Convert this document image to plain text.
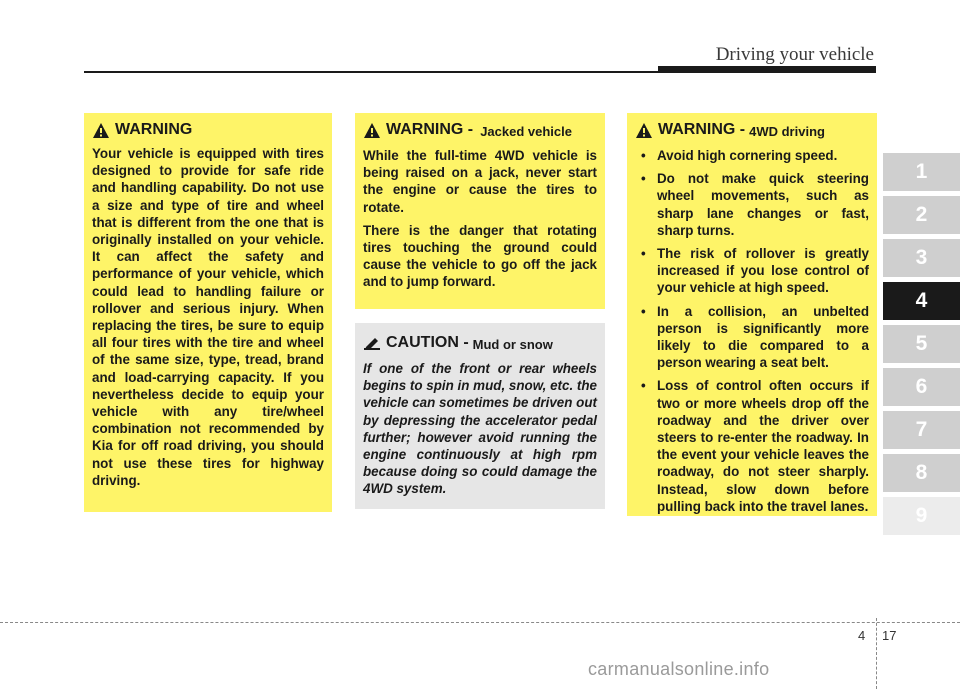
Driving your vehicle
WARNING
Your vehicle is equipped with tires designed to provide for safe ride and handling capability. Do not use a size and type of tire and wheel that is different from the one that is originally installed on your vehicle. It can affect the safety and performance of your vehicle, which could lead to handling failure or rollover and serious injury. When replacing the tires, be sure to equip all four tires with the tire and wheel of the same size, type, tread, brand and load-carrying capacity. If you nevertheless decide to equip your vehicle with any tire/wheel combination not recommended by Kia for off road driving, you should not use these tires for highway driving.
WARNING - Jacked vehicle

While the full-time 4WD vehicle is being raised on a jack, never start the engine or cause the tires to rotate.

There is the danger that rotating tires touching the ground could cause the vehicle to go off the jack and to jump forward.

CAUTION - Mud or snow
If one of the front or rear wheels begins to spin in mud, snow, etc. the vehicle can sometimes be driven out by depressing the accelerator pedal further; however avoid running the engine continuously at high rpm because doing so could damage the 4WD system.
WARNING - 4WD driving
• Avoid high cornering speed.
• Do not make quick steering wheel movements, such as sharp lane changes or fast, sharp turns.
• The risk of rollover is greatly increased if you lose control of your vehicle at high speed.
• In a collision, an unbelted person is significantly more likely to die compared to a person wearing a seat belt.
• Loss of control often occurs if two or more wheels drop off the roadway and the driver over steers to re-enter the roadway. In the event your vehicle leaves the roadway, do not steer sharply. Instead, slow down before pulling back into the travel lanes.
1
2
3
4
5
6
7
8
9
4 17
carmanualsonline.info
